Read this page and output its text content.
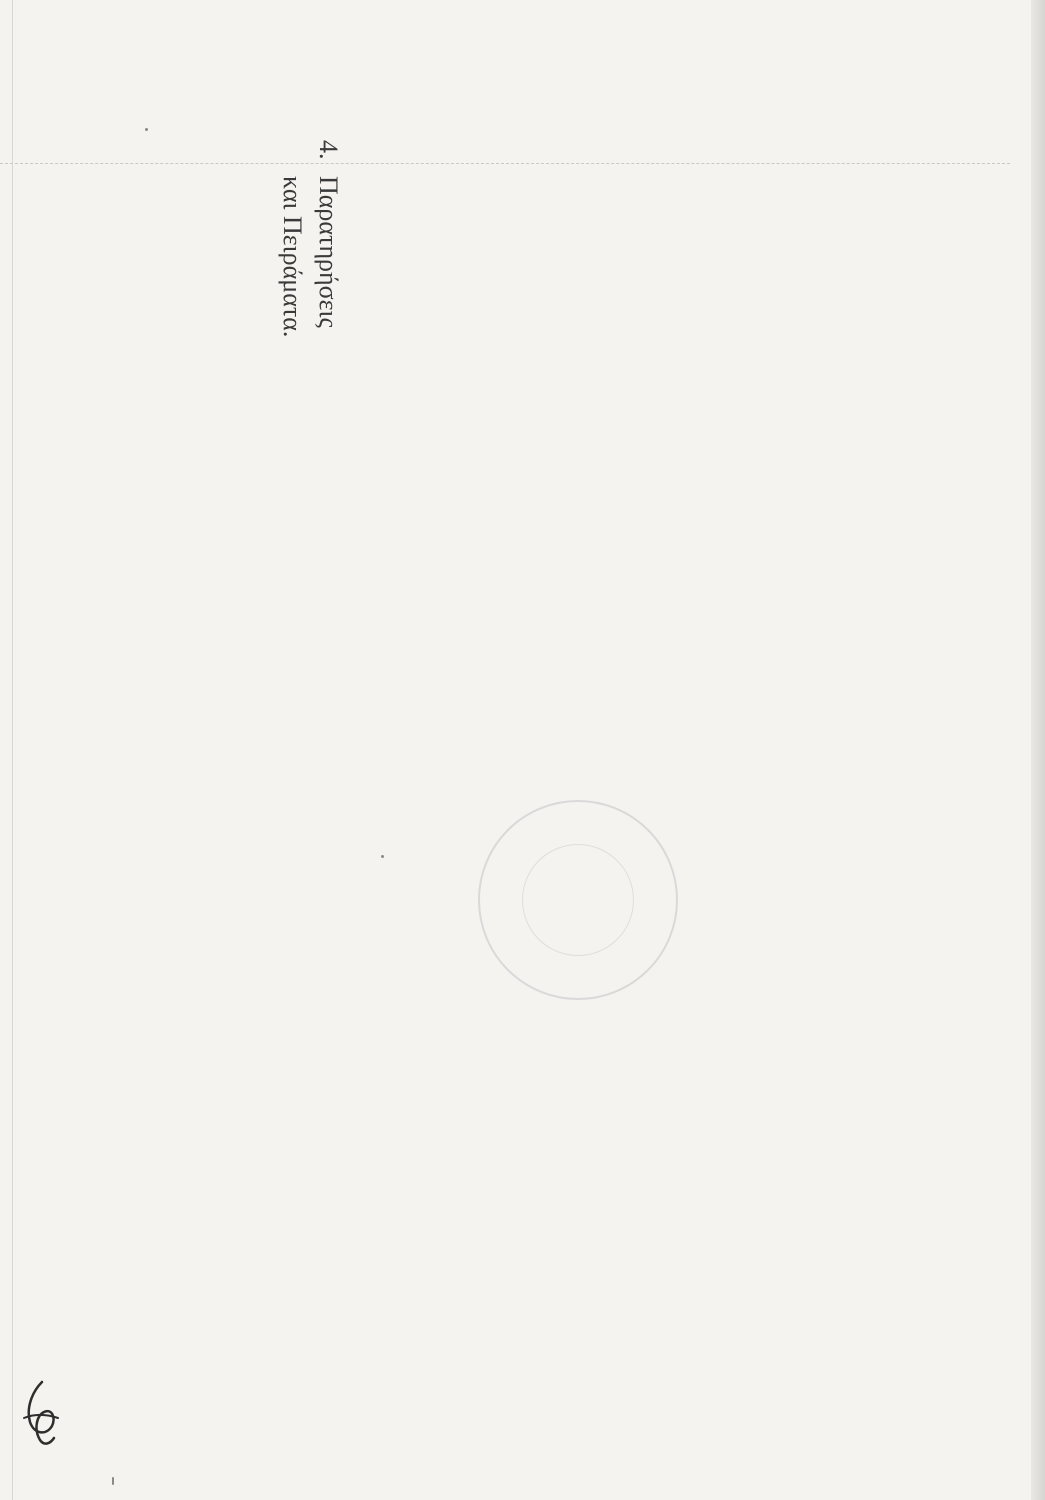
4.
Παρατηρήσεις
και Πειράματα.
